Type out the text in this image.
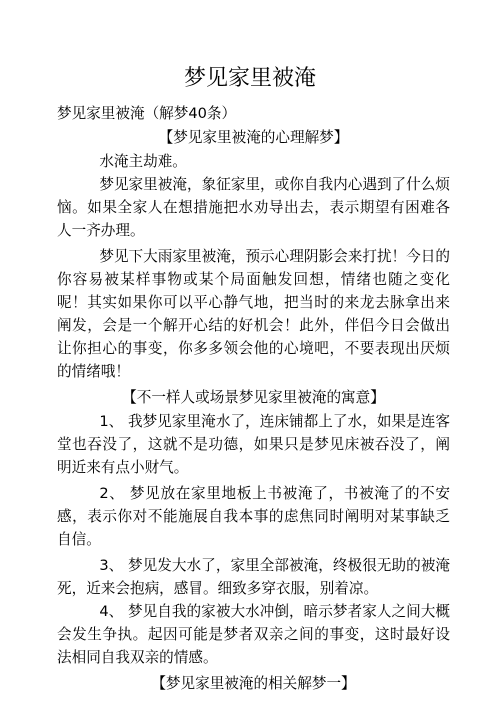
梦见家里被淹

梦见家里被淹（解梦40条）

【梦见家里被淹的心理解梦】

水淹主劫难。

梦见家里被淹，象征家里，或你自我内心遇到了什么烦恼。如果全家人在想措施把水劝导出去，表示期望有困难各人一齐办理。

梦见下大雨家里被淹，预示心理阴影会来打扰！今日的你容易被某样事物或某个局面触发回想，情绪也随之变化呢！其实如果你可以平心静气地，把当时的来龙去脉拿出来阐发，会是一个解开心结的好机会！此外，伴侣今日会做出让你担心的事变，你多多领会他的心境吧，不要表现出厌烦的情绪哦！

【不一样人或场景梦见家里被淹的寓意】

1、 我梦见家里淹水了，连床铺都上了水，如果是连客堂也吞没了，这就不是功德，如果只是梦见床被吞没了，阐明近来有点小财气。

2、 梦见放在家里地板上书被淹了，书被淹了的不安感，表示你对不能施展自我本事的虑焦同时阐明对某事缺乏自信。

3、 梦见发大水了，家里全部被淹，终极很无助的被淹死，近来会抱病，感冒。细致多穿衣服，别着凉。

4、 梦见自我的家被大水冲倒，暗示梦者家人之间大概会发生争执。起因可能是梦者双亲之间的事变，这时最好设法相同自我双亲的情感。

【梦见家里被淹的相关解梦一】
